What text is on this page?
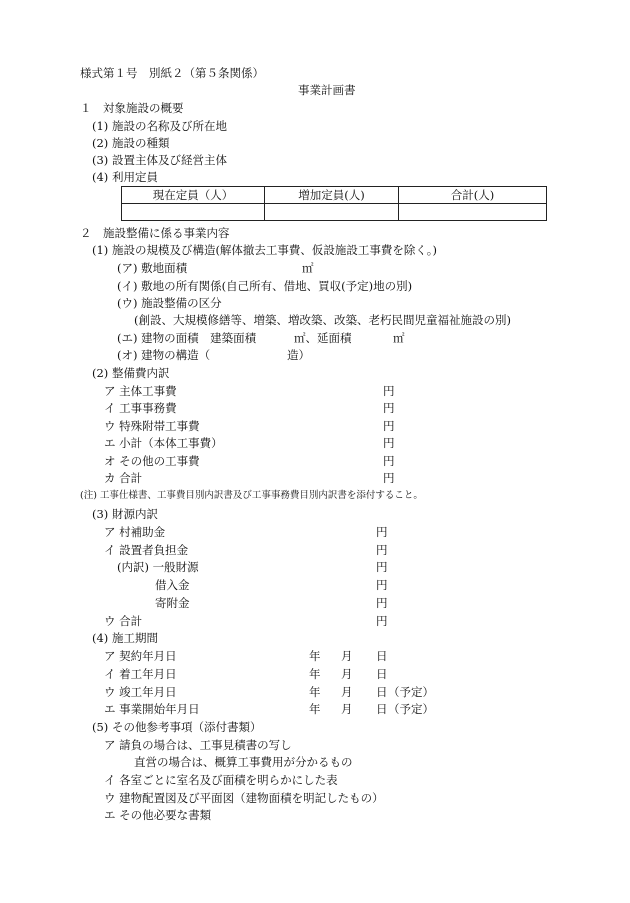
様式第１号　別紙２（第５条関係）
事業計画書
１　対象施設の概要
(1) 施設の名称及び所在地
(2) 施設の種類
(3) 設置主体及び経営主体
(4) 利用定員
現在定員（人）	増加定員(人)	合計(人)

２　施設整備に係る事業内容
(1) 施設の規模及び構造(解体撤去工事費、仮設施設工事費を除く。)
(ア) 敷地面積	㎡
(イ) 敷地の所有関係(自己所有、借地、買収(予定)地の別)
(ウ) 施設整備の区分
(創設、大規模修繕等、増築、増改築、改築、老朽民間児童福祉施設の別)
(エ) 建物の面積　建築面積	㎡、延面積	㎡
(オ) 建物の構造（	造）
(2) 整備費内訳
ア 主体工事費	円
イ 工事事務費	円
ウ 特殊附帯工事費	円
エ 小計（本体工事費）	円
オ その他の工事費	円
カ 合計	円
(注) 工事仕様書、工事費目別内訳書及び工事事務費目別内訳書を添付すること。
(3) 財源内訳
ア 村補助金	円
イ 設置者負担金	円
(内訳) 一般財源	円
借入金	円
寄附金	円
ウ 合計	円
(4) 施工期間
ア 契約年月日	年 月 日
イ 着工年月日	年 月 日
ウ 竣工年月日	年 月 日 （予定）
エ 事業開始年月日	年 月 日 （予定）
(5) その他参考事項（添付書類）
ア 請負の場合は、工事見積書の写し
直営の場合は、概算工事費用が分かるもの
イ 各室ごとに室名及び面積を明らかにした表
ウ 建物配置図及び平面図（建物面積を明記したもの）
エ その他必要な書類
